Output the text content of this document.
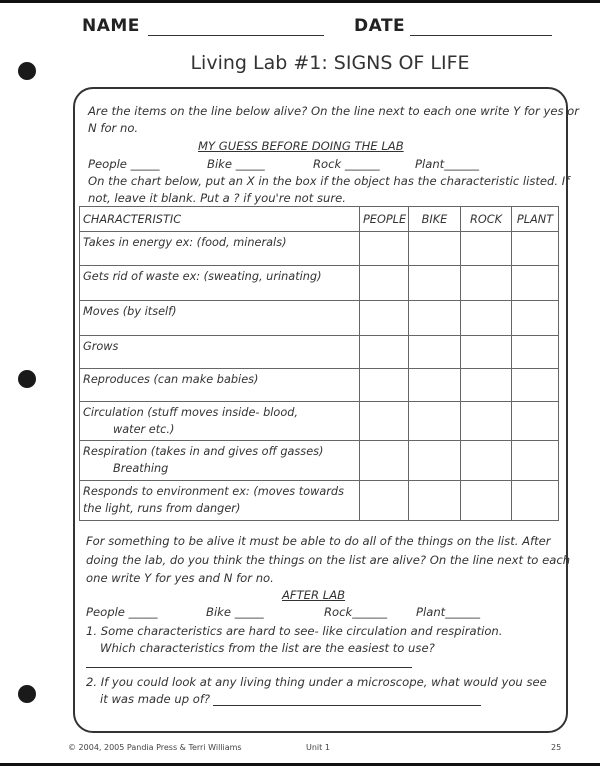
NAME	DATE
Living Lab #1: SIGNS OF LIFE
Are the items on the line below alive? On the line next to each one write Y for yes or
N for no.
MY GUESS BEFORE DOING THE LAB
People _____	Bike _____	Rock ______	Plant______
On the chart below, put an X in the box if the object has the characteristic listed. If
not, leave it blank. Put a ? if you're not sure.
CHARACTERISTIC	PEOPLE	BIKE	ROCK	PLANT
Takes in energy ex: (food, minerals)				
Gets rid of waste ex: (sweating, urinating)				
Moves (by itself)				
Grows				
Reproduces (can make babies)				
Circulation (stuff moves inside- blood,
water etc.)				

Respiration (takes in and gives off gasses)
Breathing				

Responds to environment ex: (moves towards
the light, runs from danger)				

For something to be alive it must be able to do all of the things on the list. After
doing the lab, do you think the things on the list are alive? On the line next to each
one write Y for yes and N for no.
AFTER LAB
People _____	Bike _____	Rock______ Plant______
1. Some characteristics are hard to see- like circulation and respiration.
Which characteristics from the list are the easiest to use?
2. If you could look at any living thing under a microscope, what would you see
it was made up of?
© 2004, 2005 Pandia Press & Terri Williams	Unit 1	25
